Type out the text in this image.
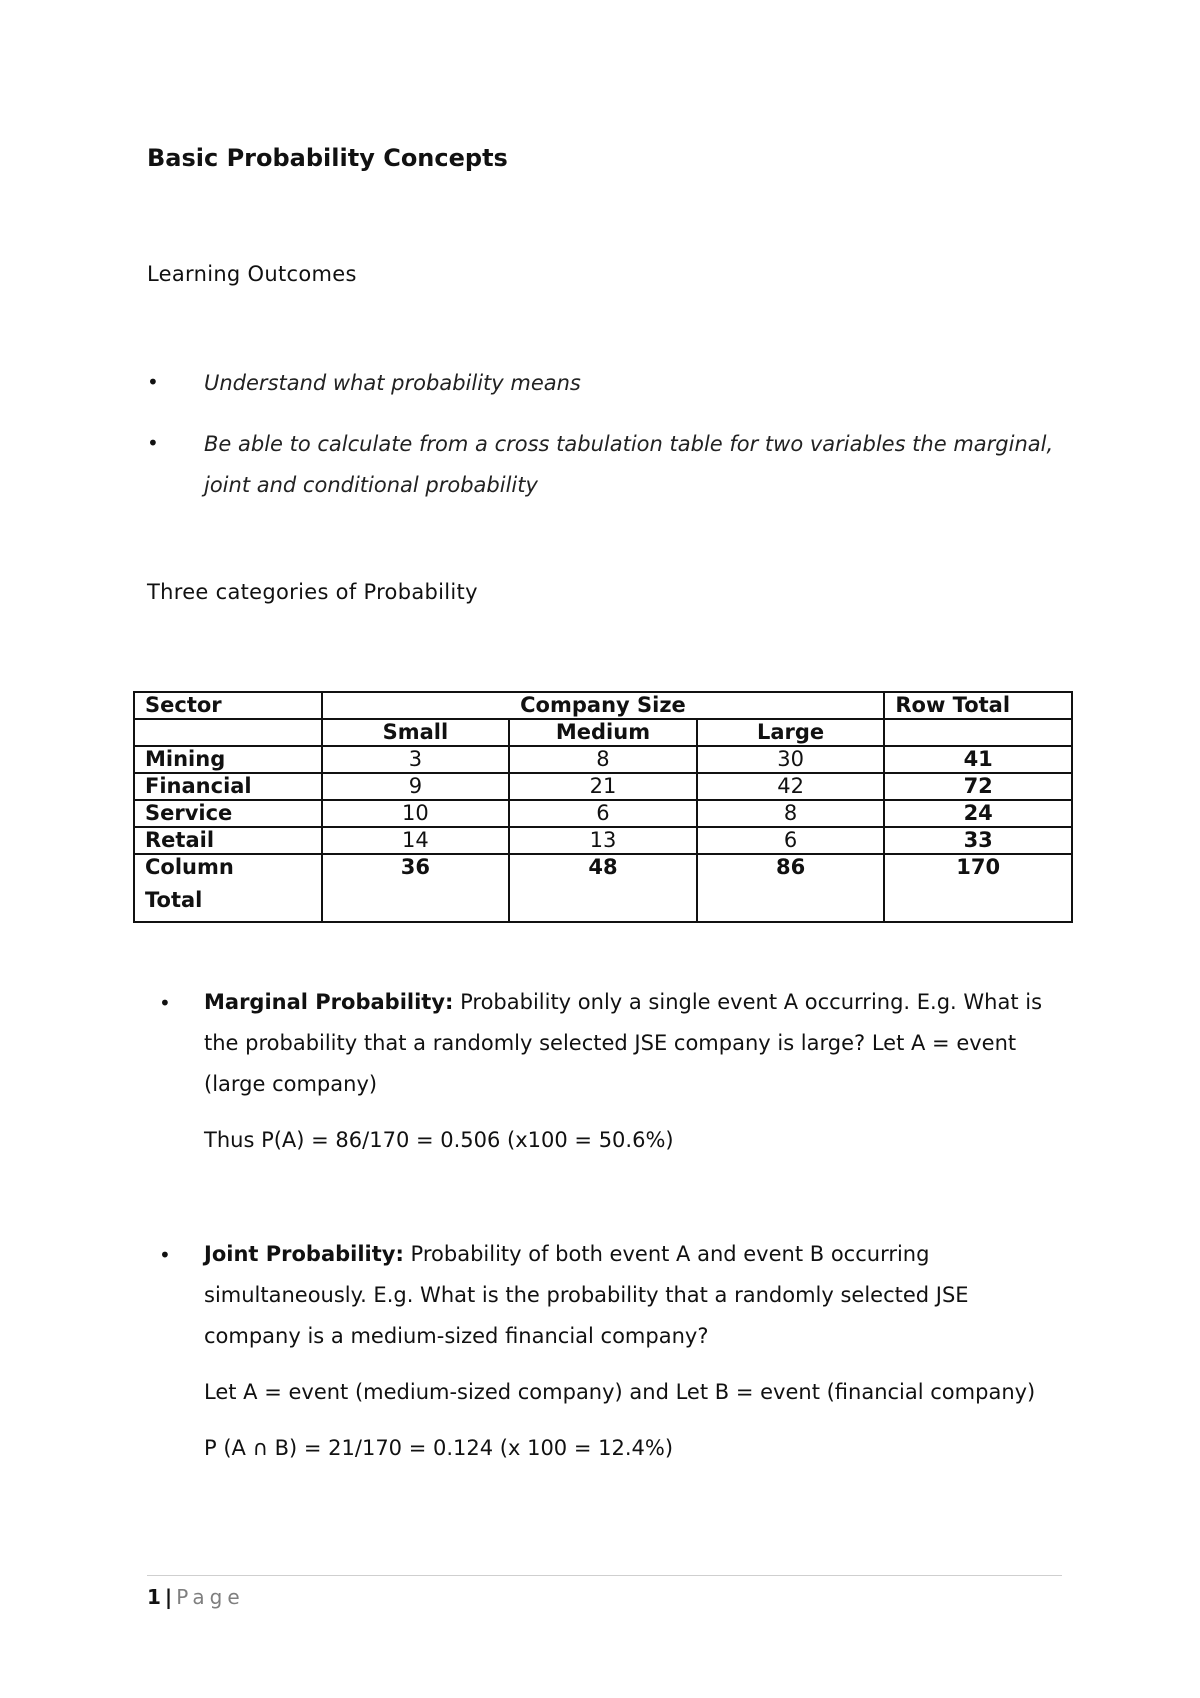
Basic Probability Concepts
Learning Outcomes
• Understand what probability means
• Be able to calculate from a cross tabulation table for two variables the marginal, joint and conditional probability
Three categories of Probability
Sector	Company Size			Row Total
	Small	Medium	Large	
Mining	3	8	30	41
Financial	9	21	42	72
Service	10	6	8	24
Retail	14	13	6	33

Column
Total	36	48	86	170
• Marginal Probability: Probability only a single event A occurring. E.g. What is the probability that a randomly selected JSE company is large? Let A = event (large company)

Thus P(A) = 86/170 = 0.506 (x100 = 50.6%)

• Joint Probability: Probability of both event A and event B occurring simultaneously. E.g. What is the probability that a randomly selected JSE company is a medium-sized financial company?

Let A = event (medium-sized company) and Let B = event (financial company)

P (A ∩ B) = 21/170 = 0.124 (x 100 = 12.4%)

1 | Page
